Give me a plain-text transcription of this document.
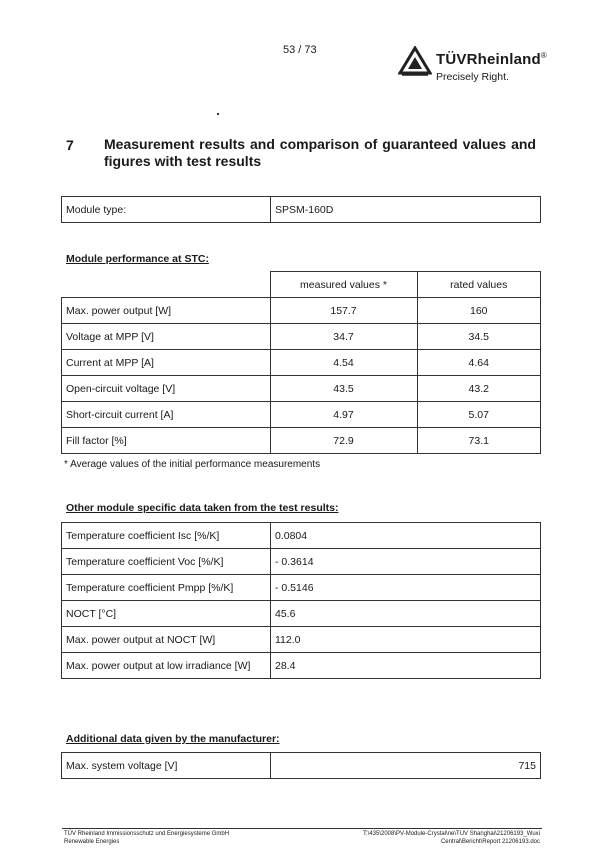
53 / 73
TÜVRheinland®
Precisely Right.
7 Measurement results and comparison of guaranteed values and figures with test results
Module type:	SPSM-160D
Module performance at STC:
	measured values *	rated values
Max. power output [W]	157.7	160
Voltage at MPP [V]	34.7	34.5
Current at MPP [A]	4.54	4.64
Open-circuit voltage [V]	43.5	43.2
Short-circuit current [A]	4.97	5.07
Fill factor [%]	72.9	73.1
* Average values of the initial performance measurements
Other module specific data taken from the test results:
Temperature coefficient Isc [%/K]	0.0804
Temperature coefficient Voc [%/K]	- 0.3614
Temperature coefficient Pmpp [%/K]	- 0.5146
NOCT [°C]	45.6
Max. power output at NOCT [W]	112.0
Max. power output at low irradiance [W]	28.4
Additional data given by the manufacturer:
Max. system voltage [V]	715
TÜV Rheinland Immissionsschutz und Energiesysteme GmbH
Renewable Energies
T:\435\2008\PV-Module-Crystal\ne\TUV Shanghai\21206193_Wuxi
Central\Bericht\Report 21206193.doc
